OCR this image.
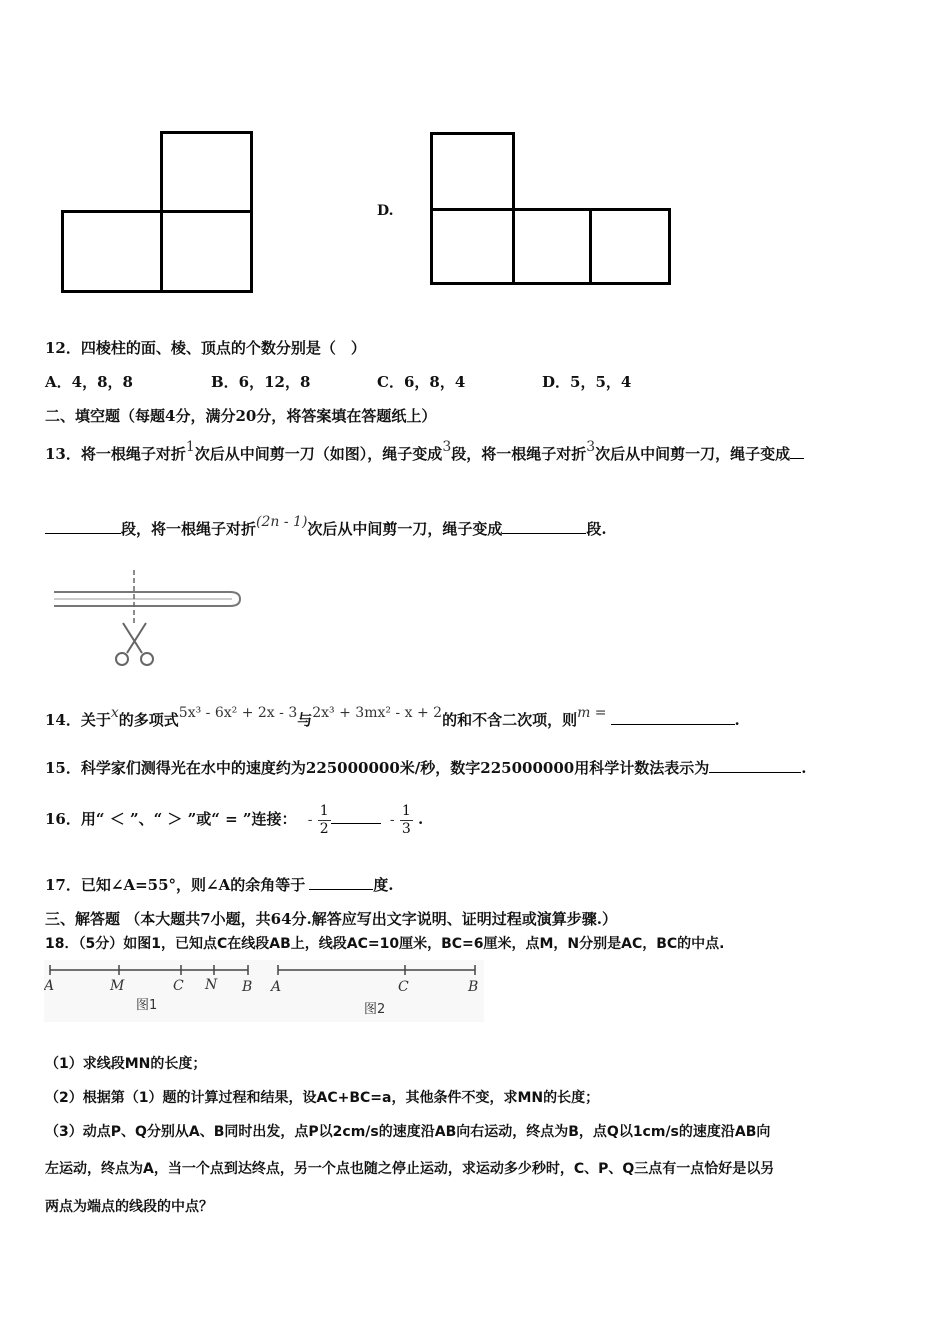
D.
12．四棱柱的面、棱、顶点的个数分别是（　）
A．4，8，8	B．6，12，8	C．6，8，4	D．5，5，4
二、填空题（每题4分，满分20分，将答案填在答题纸上）
13．将一根绳子对折1次后从中间剪一刀（如图），绳子变成3段，将一根绳子对折3次后从中间剪一刀，绳子变成
段，将一根绳子对折(2n - 1)次后从中间剪一刀，绳子变成	段.
14．关于x的多项式5x³ - 6x² + 2x - 3与2x³ + 3mx² - x + 2的和不含二次项，则m =	.
15．科学家们测得光在水中的速度约为225000000米/秒，数字225000000用科学计数法表示为	.
16．用“ ＜ ”、“ ＞ ”或“ = ”连接： - $\frac{1}{2}$	- $\frac{1}{3}$ .
17．已知∠A=55°，则∠A的余角等于	度.
三、解答题 （本大题共7小题，共64分.解答应写出文字说明、证明过程或演算步骤.）
18．（5分）如图1，已知点C在线段AB上，线段AC=10厘米，BC=6厘米，点M，N分别是AC，BC的中点.
A	M	C N B
图1
A	C	B
图2
（1）求线段MN的长度；
（2）根据第（1）题的计算过程和结果，设AC+BC=a，其他条件不变，求MN的长度；
（3）动点P、Q分别从A、B同时出发，点P以2cm/s的速度沿AB向右运动，终点为B，点Q以1cm/s的速度沿AB向
左运动，终点为A，当一个点到达终点，另一个点也随之停止运动，求运动多少秒时，C、P、Q三点有一点恰好是以另
两点为端点的线段的中点？
